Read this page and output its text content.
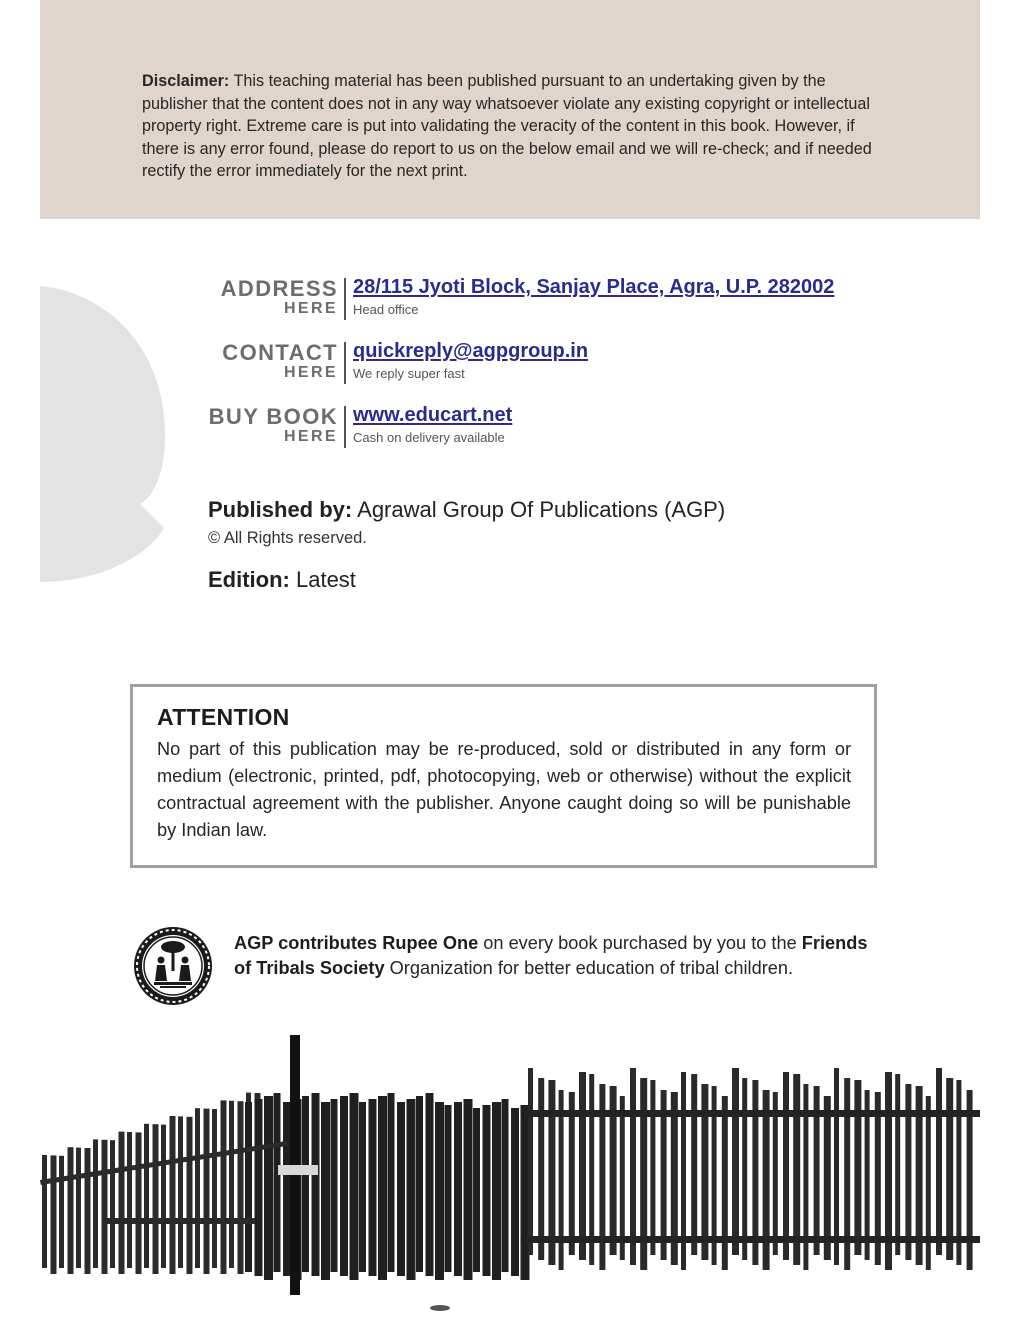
Disclaimer: This teaching material has been published pursuant to an undertaking given by the publisher that the content does not in any way whatsoever violate any existing copyright or intellectual property right. Extreme care is put into validating the veracity of the content in this book. However, if there is any error found, please do report to us on the below email and we will re-check; and if needed rectify the error immediately for the next print.

ADDRESS
HERE
28/115 Jyoti Block, Sanjay Place, Agra, U.P. 282002
Head office
CONTACT
HERE
quickreply@agpgroup.in
We reply super fast
BUY BOOK
HERE
www.educart.net
Cash on delivery available
Published by: Agrawal Group Of Publications (AGP)
© All Rights reserved.
Edition: Latest
ATTENTION
No part of this publication may be re-produced, sold or distributed in any form or medium (electronic, printed, pdf, photocopying, web or otherwise) without the explicit contractual agreement with the publisher. Anyone caught doing so will be punishable by Indian law.

AGP contributes Rupee One on every book purchased by you to the Friends of Tribals Society Organization for better education of tribal children.
